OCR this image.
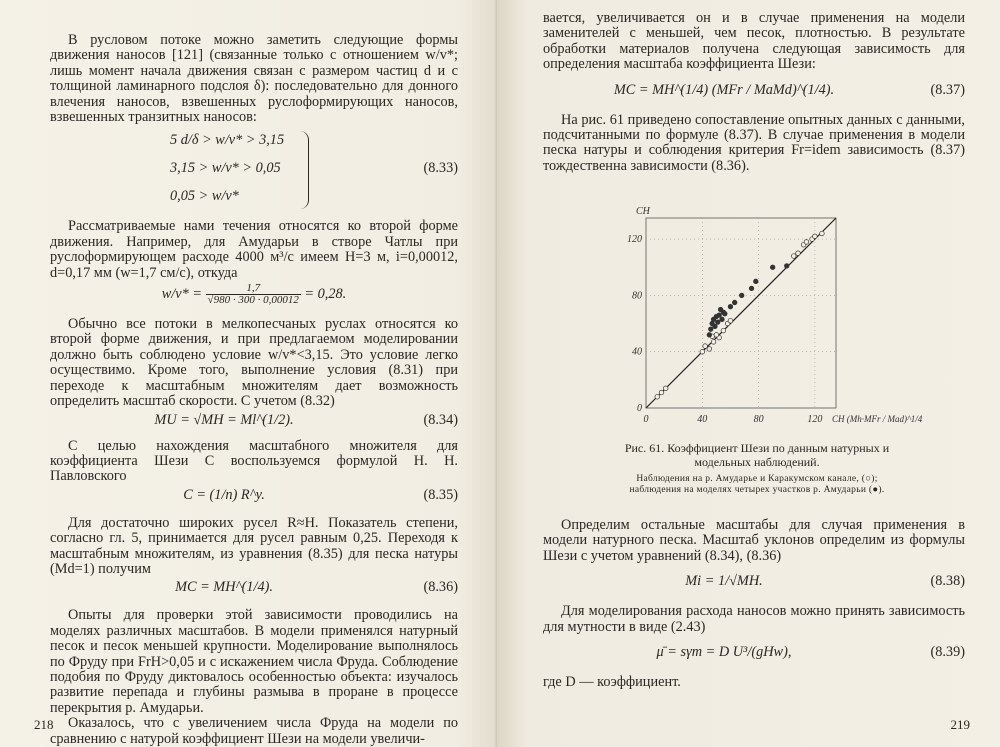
В русловом потоке можно заметить следующие формы движения наносов [121] (связанные только с отношением w/v*; лишь момент начала движения связан с размером частиц d и с толщиной ламинарного подслоя δ): последовательно для донного влечения наносов, взвешенных руслоформирующих наносов, взвешенных транзитных наносов:

5 d/δ > w/v* > 3,15
3,15 > w/v* > 0,05
0,05 > w/v*
(8.33)

Рассматриваемые нами течения относятся ко второй форме движения. Например, для Амударьи в створе Чатлы при руслоформирующем расходе 4000 м³/с имеем H=3 м, i=0,00012, d=0,17 мм (w=1,7 см/с), откуда

$w/v* = \frac{1,7}{√980 \cdot 300 \cdot 0,00012} = 0,28$.

Обычно все потоки в мелкопесчаных руслах относятся ко второй форме движения, и при предлагаемом моделировании должно быть соблюдено условие w/v*<3,15. Это условие легко осуществимо. Кроме того, выполнение условия (8.31) при переходе к масштабным множителям дает возможность определить масштаб скорости. С учетом (8.32)

MU = √MH = Ml^(1/2).	(8.34)

С целью нахождения масштабного множителя для коэффициента Шези C воспользуемся формулой Н. Н. Павловского

C = (1/n) R^y.	(8.35)

Для достаточно широких русел R≈H. Показатель степени, согласно гл. 5, принимается для русел равным 0,25. Переходя к масштабным множителям, из уравнения (8.35) для песка натуры (Md=1) получим

MC = MH^(1/4).	(8.36)

Опыты для проверки этой зависимости проводились на моделях различных масштабов. В модели применялся натурный песок и песок меньшей крупности. Моделирование выполнялось по Фруду при FrH>0,05 и с искажением числа Фруда. Соблюдение подобия по Фруду диктовалось особенностью объекта: изучалось развитие перепада и глубины размыва в проране в процессе перекрытия р. Амударьи.

Оказалось, что с увеличением числа Фруда на модели по сравнению с натурой коэффициент Шези на модели увеличи-

218

вается, увеличивается он и в случае применения на модели заменителей с меньшей, чем песок, плотностью. В результате обработки материалов получена следующая зависимость для определения масштаба коэффициента Шези:

MC = MH^(1/4) (MFr / MaMd)^(1/4).	(8.37)

На рис. 61 приведено сопоставление опытных данных с данными, подсчитанными по формуле (8.37). В случае применения в модели песка натуры и соблюдения критерия Fr=idem зависимость (8.37) тождественна зависимости (8.36).

0
0
40
40
80
80
120
120
CH
CH (Mh·MFr / Mad)^1/4
Рис. 61. Коэффициент Шези по данным натурных и модельных наблюдений.
Наблюдения на р. Амударье и Каракумском канале, (○); наблюдения на моделях четырех участков р. Амударьи (●).

Определим остальные масштабы для случая применения в модели натурного песка. Масштаб уклонов определим из формулы Шези с учетом уравнений (8.34), (8.36)

Mi = 1/√MH.	(8.38)

Для моделирования расхода наносов можно принять зависимость для мутности в виде (2.43)

μ̄ = sγт = D U³/(gHw),	(8.39)

где D — коэффициент.

219
